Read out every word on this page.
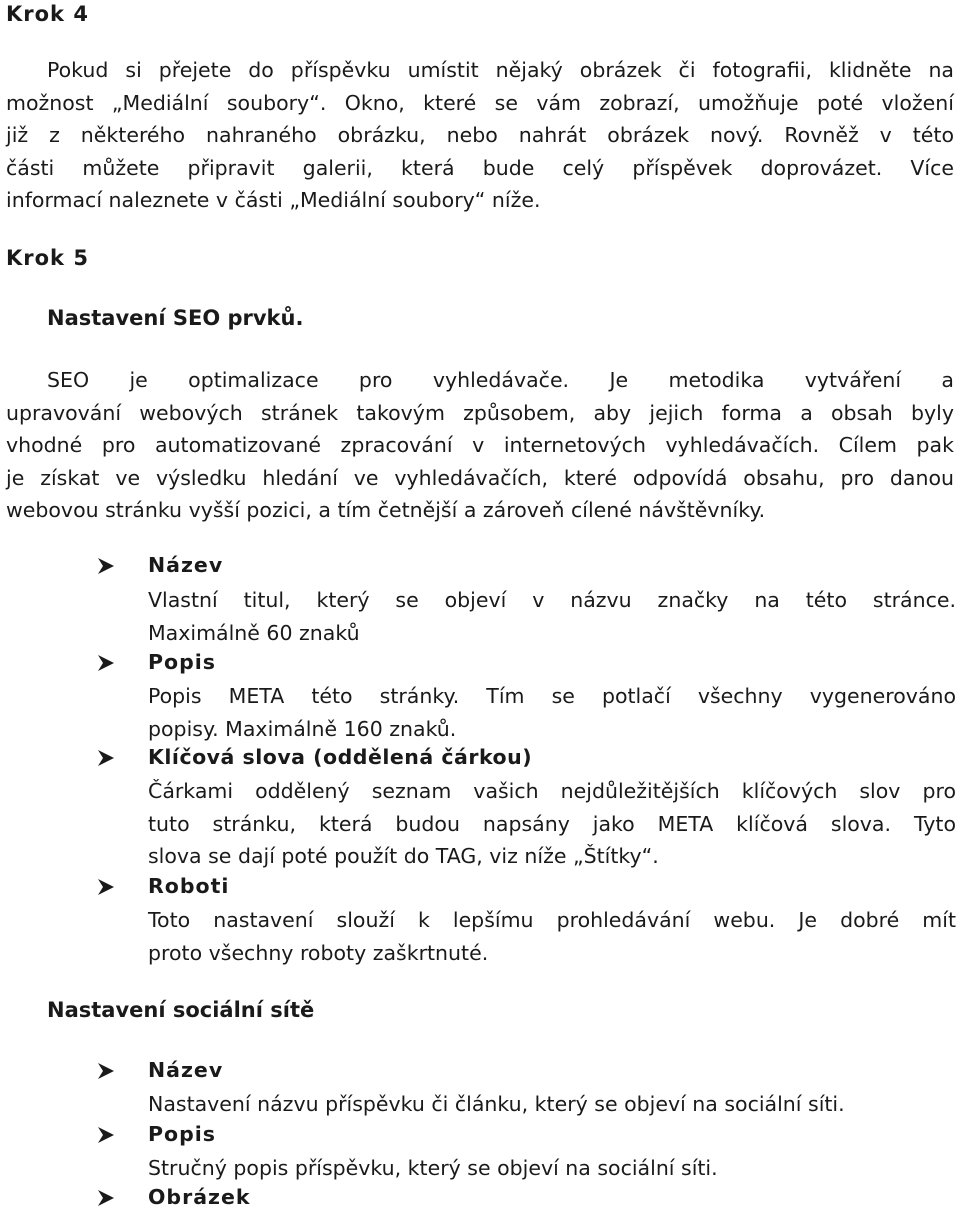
Krok 4
Pokud si přejete do příspěvku umístit nějaký obrázek či fotografii, klidněte na
možnost „Mediální soubory“. Okno, které se vám zobrazí, umožňuje poté vložení
již z některého nahraného obrázku, nebo nahrát obrázek nový. Rovněž v této
části můžete připravit galerii, která bude celý příspěvek doprovázet. Více
informací naleznete v části „Mediální soubory“ níže.
Krok 5
Nastavení SEO prvků.
SEO je optimalizace pro vyhledávače. Je metodika vytváření a
upravování webových stránek takovým způsobem, aby jejich forma a obsah byly
vhodné pro automatizované zpracování v internetových vyhledávačích. Cílem pak
je získat ve výsledku hledání ve vyhledávačích, které odpovídá obsahu, pro danou
webovou stránku vyšší pozici, a tím četnější a zároveň cílené návštěvníky.
Název
Vlastní titul, který se objeví v názvu značky na této stránce.
Maximálně 60 znaků
Popis
Popis META této stránky. Tím se potlačí všechny vygenerováno
popisy. Maximálně 160 znaků.
Klíčová slova (oddělená čárkou)
Čárkami oddělený seznam vašich nejdůležitějších klíčových slov pro
tuto stránku, která budou napsány jako META klíčová slova. Tyto
slova se dají poté použít do TAG, viz níže „Štítky“.
Roboti
Toto nastavení slouží k lepšímu prohledávání webu. Je dobré mít
proto všechny roboty zaškrtnuté.
Nastavení sociální sítě
Název
Nastavení názvu příspěvku či článku, který se objeví na sociální síti.
Popis
Stručný popis příspěvku, který se objeví na sociální síti.
Obrázek
